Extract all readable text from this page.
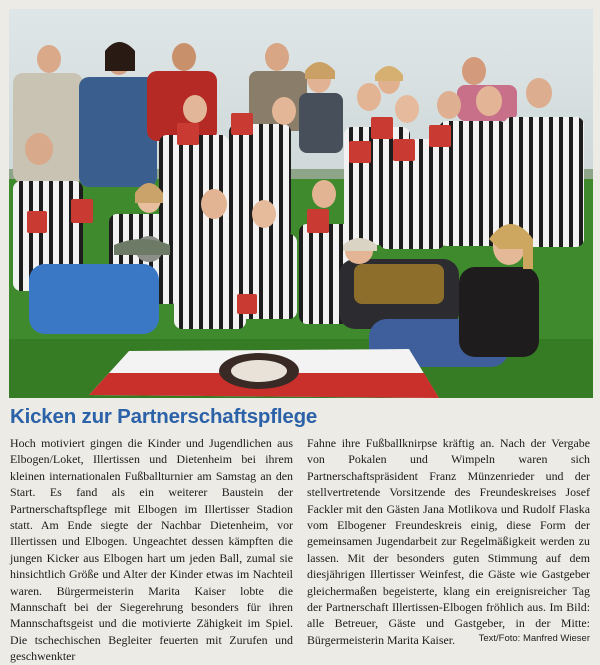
Kicken zur Partnerschaftspflege
Hoch motiviert gingen die Kinder und Jugendlichen aus Elbogen/Loket, Illertissen und Dietenheim bei ihrem kleinen internationalen Fußballturnier am Samstag an den Start. Es fand als ein weiterer Baustein der Partnerschaftspflege mit Elbogen im Illertisser Stadion statt. Am Ende siegte der Nachbar Dietenheim, vor Illertissen und Elbogen. Ungeachtet dessen kämpften die jungen Kicker aus Elbogen hart um jeden Ball, zumal sie hinsichtlich Größe und Alter der Kinder etwas im Nachteil waren. Bürgermeisterin Marita Kaiser lobte die Mannschaft bei der Siegerehrung besonders für ihren Mannschaftsgeist und die motivierte Zähigkeit im Spiel. Die tschechischen Begleiter feuerten mit Zurufen und geschwenkter
Fahne ihre Fußballknirpse kräftig an. Nach der Vergabe von Pokalen und Wimpeln waren sich Partnerschaftspräsident Franz Münzenrieder und der stellvertretende Vorsitzende des Freundeskreises Josef Fackler mit den Gästen Jana Motlikova und Rudolf Flaska vom Elbogener Freundeskreis einig, diese Form der gemeinsamen Jugendarbeit zur Regelmäßigkeit werden zu lassen. Mit der besonders guten Stimmung auf dem diesjährigen Illertisser Weinfest, die Gäste wie Gastgeber gleichermaßen begeisterte, klang ein ereignisreicher Tag der Partnerschaft Illertissen-Elbogen fröhlich aus. Im Bild: alle Betreuer, Gäste und Gastgeber, in der Mitte: Bürgermeisterin Marita Kaiser.	Text/Foto: Manfred Wieser
